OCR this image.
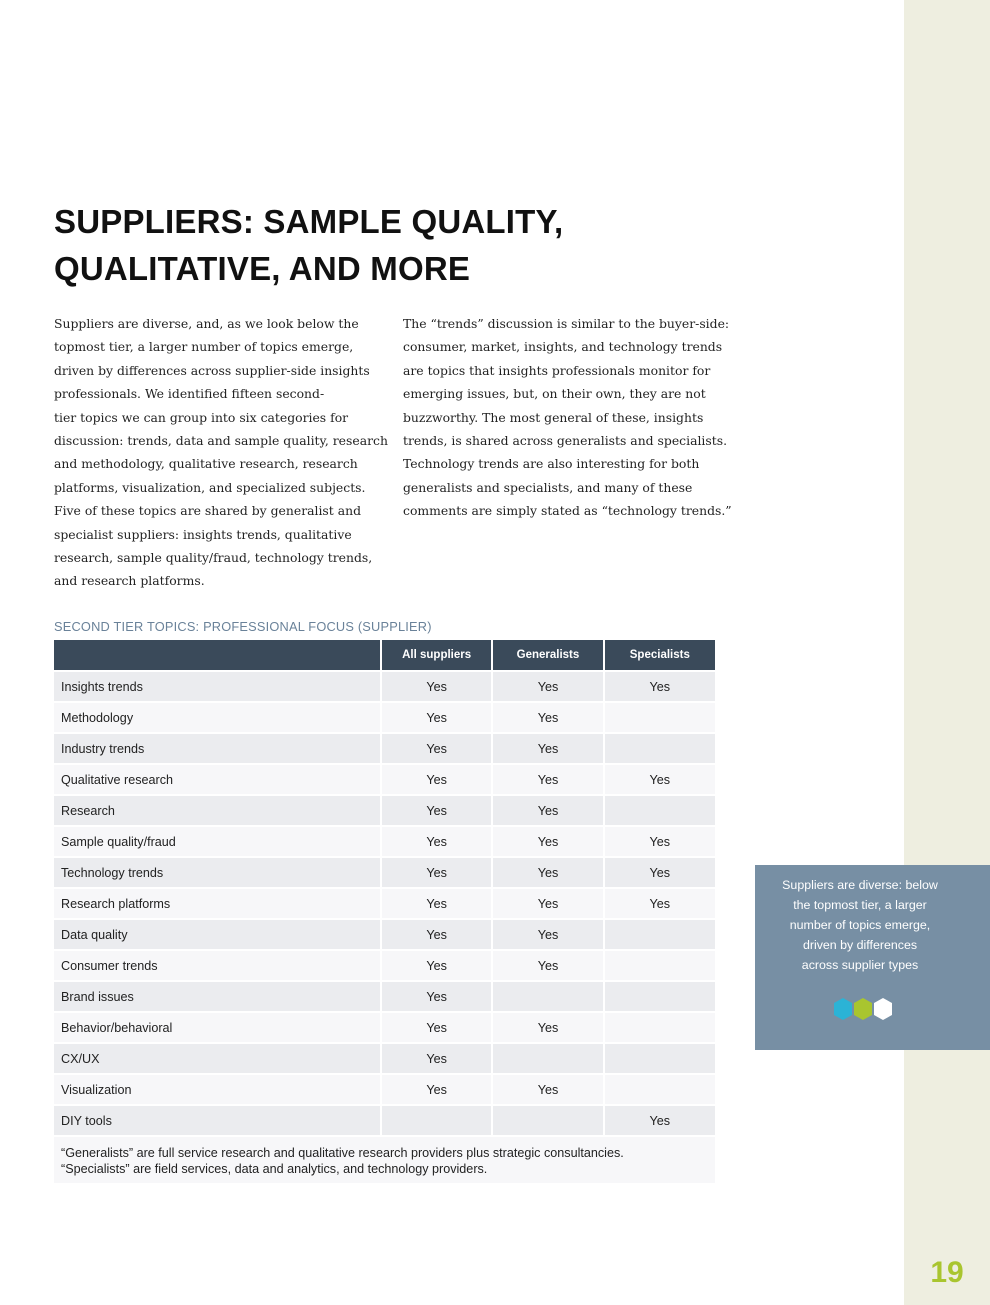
19
SUPPLIERS: SAMPLE QUALITY,
QUALITATIVE, AND MORE

Suppliers are diverse, and, as we look below the
topmost tier, a larger number of topics emerge,
driven by differences across supplier-side insights
professionals. We identified fifteen second-
tier topics we can group into six categories for
discussion: trends, data and sample quality, research
and methodology, qualitative research, research
platforms, visualization, and specialized subjects.
Five of these topics are shared by generalist and
specialist suppliers: insights trends, qualitative
research, sample quality/fraud, technology trends,
and research platforms.

The “trends” discussion is similar to the buyer-side:
consumer, market, insights, and technology trends
are topics that insights professionals monitor for
emerging issues, but, on their own, they are not
buzzworthy. The most general of these, insights
trends, is shared across generalists and specialists.
Technology trends are also interesting for both
generalists and specialists, and many of these
comments are simply stated as “technology trends.”

SECOND TIER TOPICS: PROFESSIONAL FOCUS (SUPPLIER)
	All suppliers	Generalists	Specialists
Insights trends	Yes	Yes	Yes
Methodology	Yes	Yes	
Industry trends	Yes	Yes	
Qualitative research	Yes	Yes	Yes
Research	Yes	Yes	
Sample quality/fraud	Yes	Yes	Yes
Technology trends	Yes	Yes	Yes
Research platforms	Yes	Yes	Yes
Data quality	Yes	Yes	
Consumer trends	Yes	Yes	
Brand issues	Yes		
Behavior/behavioral	Yes	Yes	
CX/UX	Yes		
Visualization	Yes	Yes	
DIY tools			Yes

“Generalists” are full service research and qualitative research providers plus strategic consultancies.
“Specialists” are field services, data and analytics, and technology providers.			
Suppliers are diverse: below
the topmost tier, a larger
number of topics emerge,
driven by differences
across supplier types
